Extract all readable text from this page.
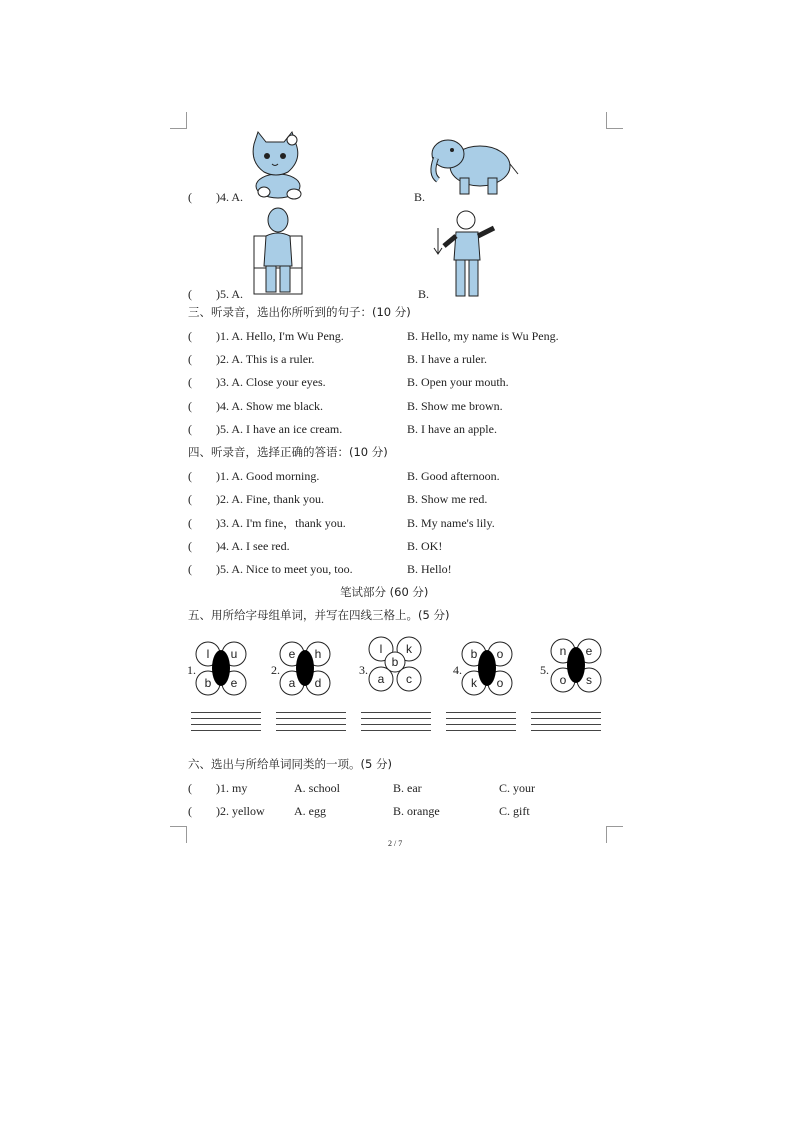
(　　)4. A.	B.
(　　)5. A.	B.
三、听录音，选出你所听到的句子：(10 分)
(　　)1. A. Hello, I'm Wu Peng.	B. Hello, my name is Wu Peng.
(　　)2. A. This is a ruler.	B. I have a ruler.
(　　)3. A. Close your eyes.	B. Open your mouth.
(　　)4. A. Show me black.	B. Show me brown.
(　　)5. A. I have an ice cream.	B. I have an apple.
四、听录音，选择正确的答语：(10 分)
(　　)1. A. Good morning.	B. Good afternoon.
(　　)2. A. Fine, thank you.	B. Show me red.
(　　)3. A. I'm fine，thank you.	B. My name's lily.
(　　)4. A. I see red.	B. OK!
(　　)5. A. Nice to meet you, too.	B. Hello!
笔试部分 (60 分)
五、用所给字母组单词，并写在四线三格上。(5 分)
1.
l u
b e
2.
e h
a d
3.
l k
b
a c
4.
b o
k o
5.
n e
o s
六、选出与所给单词同类的一项。(5 分)
(　　)1. my	A. school	B. ear	C. your
(　　)2. yellow A. egg	B. orange	C. gift
2 / 7
